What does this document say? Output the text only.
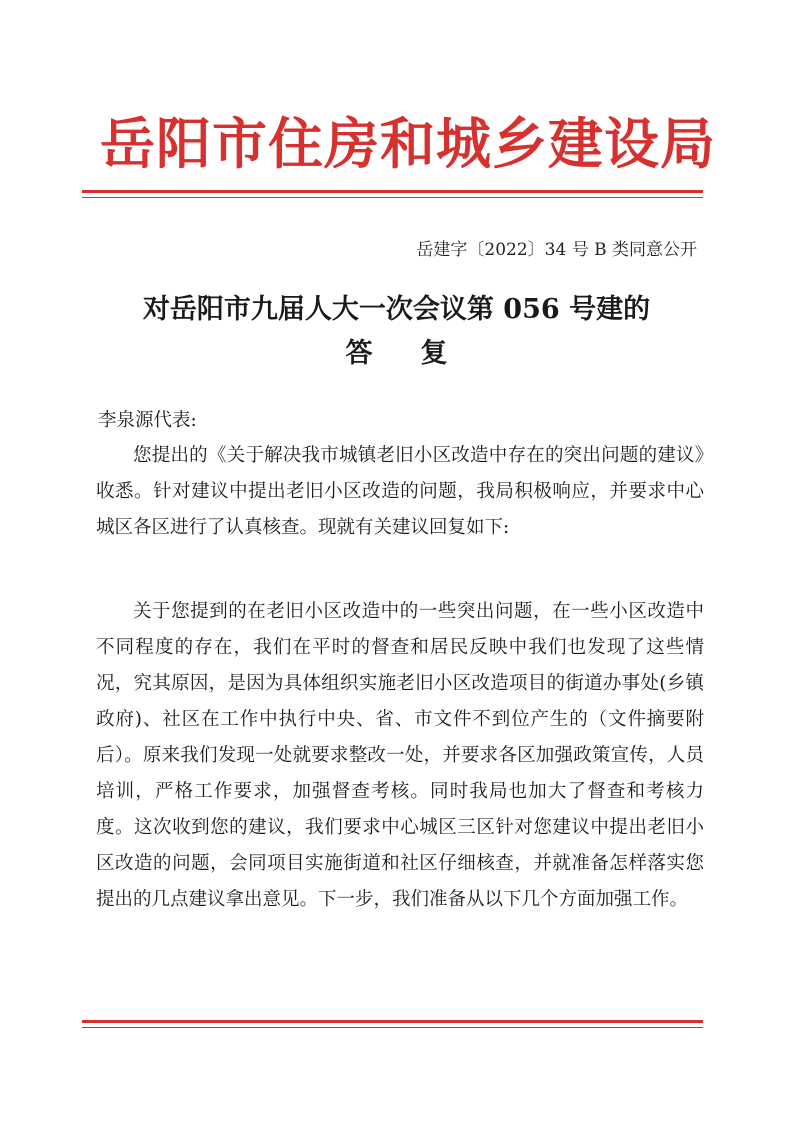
岳阳市住房和城乡建设局
岳建字〔2022〕34 号 B 类同意公开
对岳阳市九届人大一次会议第 056 号建的
答复
李泉源代表:
您提出的《关于解决我市城镇老旧小区改造中存在的突出问题的建议》收悉。针对建议中提出老旧小区改造的问题，我局积极响应，并要求中心城区各区进行了认真核查。现就有关建议回复如下:
关于您提到的在老旧小区改造中的一些突出问题，在一些小区改造中不同程度的存在，我们在平时的督查和居民反映中我们也发现了这些情况，究其原因，是因为具体组织实施老旧小区改造项目的街道办事处(乡镇政府)、社区在工作中执行中央、省、市文件不到位产生的（文件摘要附后）。原来我们发现一处就要求整改一处，并要求各区加强政策宣传，人员培训，严格工作要求，加强督查考核。同时我局也加大了督查和考核力度。这次收到您的建议，我们要求中心城区三区针对您建议中提出老旧小区改造的问题，会同项目实施街道和社区仔细核查，并就准备怎样落实您提出的几点建议拿出意见。下一步，我们准备从以下几个方面加强工作。
